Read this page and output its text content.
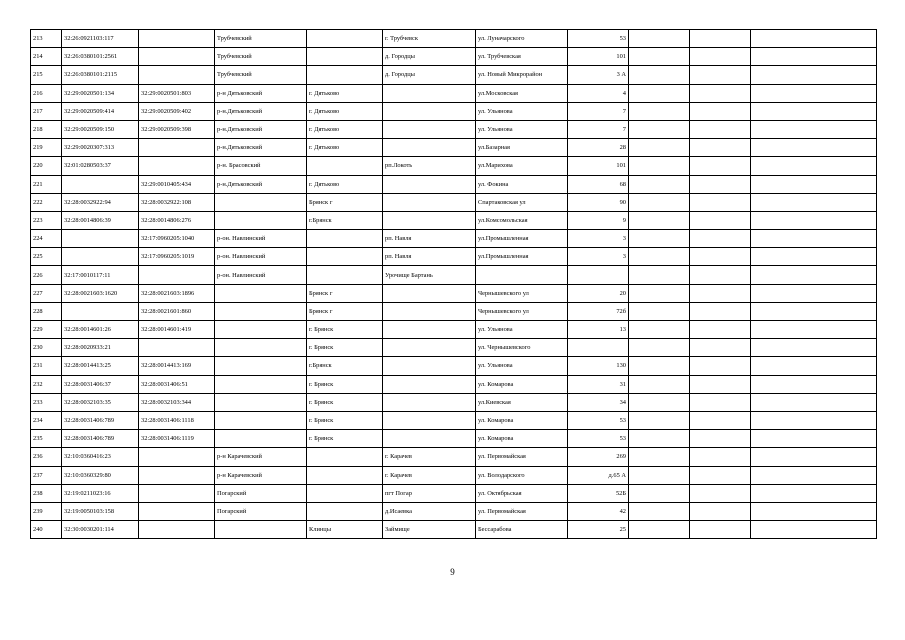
213	32:26:0921103:117		Трубчевский		г. Трубчевск	ул. Луначарского	53			
214	32:26:0380101:2561		Трубчевский		д. Городцы	ул. Трубчевская	101			
215	32:26:0380101:2115		Трубчевский		д. Городцы	ул. Новый Микрорайон	3 А			
216	32:29:0020501:134	32:29:0020501:803	р-н Дятьковский	г. Дятьково		ул.Московская	4			
217	32:29:0020509:414	32:29:0020509:402	р-н.Дятьковский	г. Дятьково		ул. Ульянова	7			
218	32:29:0020509:150	32:29:0020509:398	р-н.Дятьковский	г. Дятьково		ул. Ульянова	7			
219	32:29:0020307:313		р-н.Дятьковский	г. Дятьково		ул.Базарная	28			
220	32:01:0280503:37		р-н. Брасовский		рп.Локоть	ул.Марихова	101			
221		32:29:0010405:434	р-н.Дятьковский	г. Дятьково		ул. Фокина	68			
222	32:28:0032922:94	32:28:0032922:108		Брянск г		Спартаковская ул	90			
223	32:28:0014806:39	32:28:0014806:276		г.Брянск		ул.Комсомольская	9			
224		32:17:0960205:1040	р-он. Навлинский		рп. Навля	ул.Промышленная	3			
225		32:17:0960205:1019	р-он. Навлинский		рп. Навля	ул.Промышленная	3			
226	32:17:0010117:11		р-он. Навлинский		Урочище Бартань					
227	32:28:0021603:1620	32:28:0021603:1896		Брянск г		Чернышевского ул	20			
228		32:28:0021601:860		Брянск г		Чернышевского ул	72б			
229	32:28:0014601:26	32:28:0014601:419		г. Брянск		ул. Ульянова	13			
230	32:28:0020933:21			г. Брянск		ул. Чернышевского				
231	32:28:0014413:25	32:28:0014413:169		г.Брянск		ул. Ульянова	130			
232	32:28:0031406:37	32:28:0031406:51		г. Брянск		ул. Комарова	31			
233	32:28:0032103:35	32:28:0032103:344		г. Брянск		ул.Киевская	34			
234	32:28:0031406:789	32:28:0031406:1118		г. Брянск		ул. Комарова	53			
235	32:28:0031406:789	32:28:0031406:1119		г. Брянск		ул. Комарова	53			
236	32:10:0360416:23		р-н Карачевский		г. Карачев	ул. Первомайская	269			
237	32:10:0360329:80		р-н Карачевский		г. Карачев	ул. Володарского	д.65 А			
238	32:19:0211023:16		Погарский		пгт Погар	ул. Октябрьская	52Б			
239	32:19:0050103:158		Погарский		д.Исаевка	ул. Первомайская	42			
240	32:30:0030201:114			Клинцы	Займище	Бессарабова	25			
9
